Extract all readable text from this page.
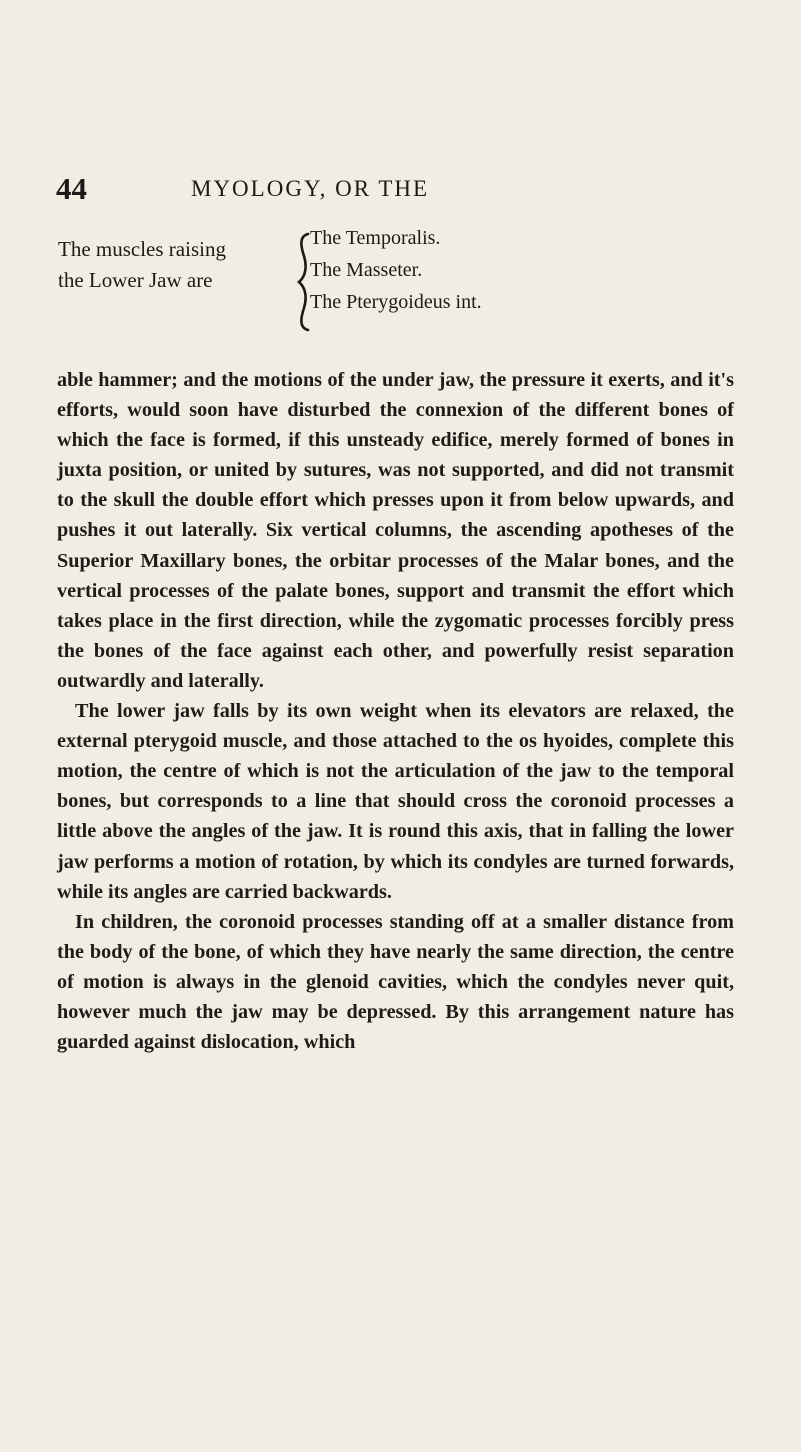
44	MYOLOGY, OR THE
The muscles raising
the Lower Jaw are
The Temporalis.
The Masseter.
The Pterygoideus int.

able hammer; and the motions of the under jaw, the pressure it exerts, and it's efforts, would soon have disturbed the connexion of the different bones of which the face is formed, if this unsteady edifice, merely formed of bones in juxta position, or united by sutures, was not supported, and did not transmit to the skull the double effort which presses upon it from below upwards, and pushes it out laterally. Six vertical columns, the ascending apotheses of the Superior Maxillary bones, the orbitar processes of the Malar bones, and the vertical processes of the palate bones, support and transmit the effort which takes place in the first direction, while the zygomatic processes forcibly press the bones of the face against each other, and powerfully resist separation outwardly and laterally.

The lower jaw falls by its own weight when its elevators are relaxed, the external pterygoid muscle, and those attached to the os hyoides, complete this motion, the centre of which is not the articulation of the jaw to the temporal bones, but corresponds to a line that should cross the coronoid processes a little above the angles of the jaw. It is round this axis, that in falling the lower jaw performs a motion of rotation, by which its condyles are turned forwards, while its angles are carried backwards.

In children, the coronoid processes standing off at a smaller distance from the body of the bone, of which they have nearly the same direction, the centre of motion is always in the glenoid cavities, which the condyles never quit, however much the jaw may be depressed. By this arrangement nature has guarded against dislocation, which
